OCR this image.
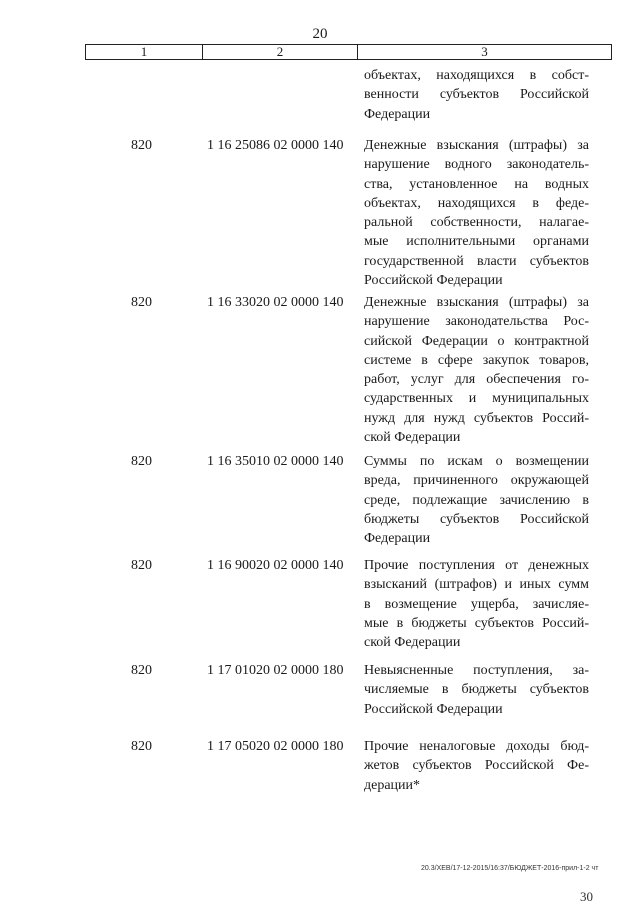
20
1	2	3
объектах, находящихся в собст-
венности субъектов Российской
Федерации
820	1 16 25086 02 0000 140 Денежные взыскания (штрафы) за
нарушение водного законодатель-
ства, установленное на водных
объектах, находящихся в феде-
ральной собственности, налагае-
мые исполнительными органами
государственной власти субъектов
Российской Федерации
820	1 16 33020 02 0000 140 Денежные взыскания (штрафы) за
нарушение законодательства Рос-
сийской Федерации о контрактной
системе в сфере закупок товаров,
работ, услуг для обеспечения го-
сударственных и муниципальных
нужд для нужд субъектов Россий-
ской Федерации
820	1 16 35010 02 0000 140 Суммы по искам о возмещении
вреда, причиненного окружающей
среде, подлежащие зачислению в
бюджеты субъектов Российской
Федерации
820	1 16 90020 02 0000 140 Прочие поступления от денежных
взысканий (штрафов) и иных сумм
в возмещение ущерба, зачисляе-
мые в бюджеты субъектов Россий-
ской Федерации
820	1 17 01020 02 0000 180 Невыясненные поступления, за-
числяемые в бюджеты субъектов
Российской Федерации
820	1 17 05020 02 0000 180 Прочие неналоговые доходы бюд-
жетов субъектов Российской Фе-
дерации*
20.3/ХЕВ/17-12-2015/16:37/БЮДЖЕТ-2016-прил-1-2 чт
30
